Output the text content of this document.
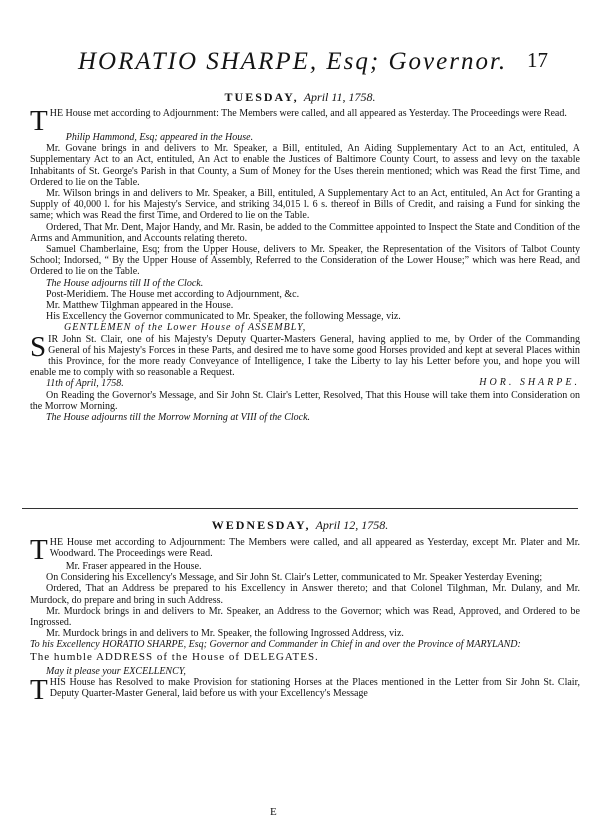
HORATIO SHARPE, Esq; Governor. 17
TUESDAY, April 11, 1758.

THE House met according to Adjournment: The Members were called, and all appeared as Yesterday. The Proceedings were Read.

Philip Hammond, Esq; appeared in the House.

Mr. Govane brings in and delivers to Mr. Speaker, a Bill, entituled, An Aiding Supplementary Act to an Act, entituled, A Supplementary Act to an Act, entituled, An Act to enable the Justices of Baltimore County Court, to assess and levy on the taxable Inhabitants of St. George's Parish in that County, a Sum of Money for the Uses therein mentioned; which was Read the first Time, and Ordered to lie on the Table.

Mr. Wilson brings in and delivers to Mr. Speaker, a Bill, entituled, A Supplementary Act to an Act, entituled, An Act for Granting a Supply of 40,000 l. for his Majesty's Service, and striking 34,015 l. 6 s. thereof in Bills of Credit, and raising a Fund for sinking the same; which was Read the first Time, and Ordered to lie on the Table.

Ordered, That Mr. Dent, Major Handy, and Mr. Rasin, be added to the Committee appointed to Inspect the State and Condition of the Arms and Ammunition, and Accounts relating thereto.

Samuel Chamberlaine, Esq; from the Upper House, delivers to Mr. Speaker, the Representation of the Visitors of Talbot County School; Indorsed, “ By the Upper House of Assembly, Referred to the Consideration of the Lower House;” which was here Read, and Ordered to lie on the Table.

The House adjourns till II of the Clock.

Post-Meridiem. The House met according to Adjournment, &c.

Mr. Matthew Tilghman appeared in the House.

His Excellency the Governor communicated to Mr. Speaker, the following Message, viz.

GENTLEMEN of the Lower House of ASSEMBLY,

SIR John St. Clair, one of his Majesty's Deputy Quarter-Masters General, having applied to me, by Order of the Commanding General of his Majesty's Forces in these Parts, and desired me to have some good Horses provided and kept at several Places within this Province, for the more ready Conveyance of Intelligence, I take the Liberty to lay his Letter before you, and hope you will enable me to comply with so reasonable a Request.

11th of April, 1758.	HOR. SHARPE.

On Reading the Governor's Message, and Sir John St. Clair's Letter, Resolved, That this House will take them into Consideration on the Morrow Morning.

The House adjourns till the Morrow Morning at VIII of the Clock.

WEDNESDAY, April 12, 1758.

THE House met according to Adjournment: The Members were called, and all appeared as Yesterday, except Mr. Plater and Mr. Woodward. The Proceedings were Read.

Mr. Fraser appeared in the House.

On Considering his Excellency's Message, and Sir John St. Clair's Letter, communicated to Mr. Speaker Yesterday Evening;

Ordered, That an Address be prepared to his Excellency in Answer thereto; and that Colonel Tilghman, Mr. Dulany, and Mr. Murdock, do prepare and bring in such Address.

Mr. Murdock brings in and delivers to Mr. Speaker, an Address to the Governor; which was Read, Approved, and Ordered to be Ingrossed.

Mr. Murdock brings in and delivers to Mr. Speaker, the following Ingrossed Address, viz.

To his Excellency HORATIO SHARPE, Esq; Governor and Commander in Chief in and over the Province of MARYLAND:

The humble ADDRESS of the House of DELEGATES.

May it please your EXCELLENCY,

THIS House has Resolved to make Provision for stationing Horses at the Places mentioned in the Letter from Sir John St. Clair, Deputy Quarter-Master General, laid before us with your Excellency's Message

E
